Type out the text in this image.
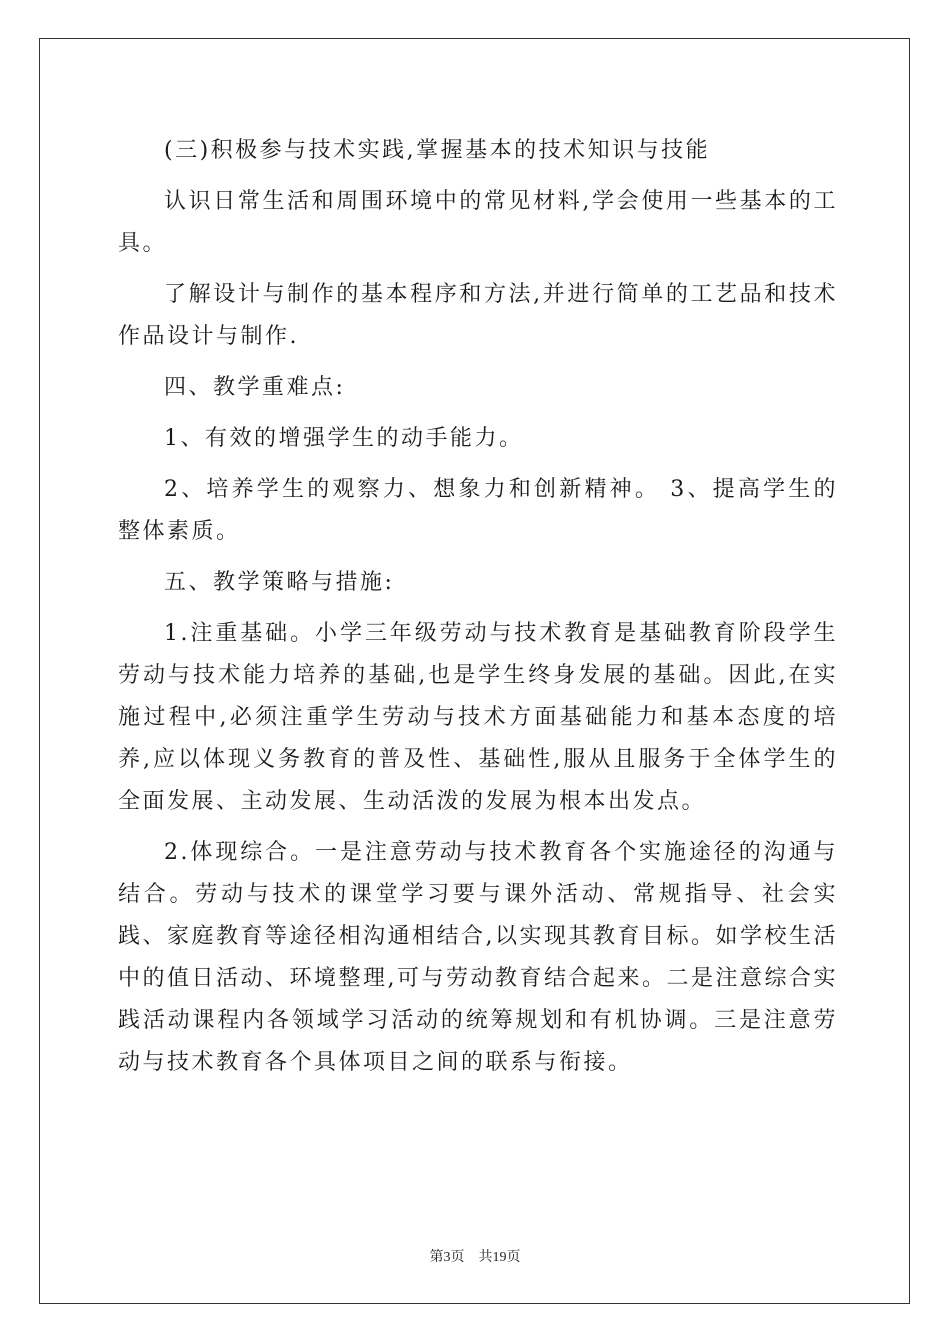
(三)积极参与技术实践,掌握基本的技术知识与技能

认识日常生活和周围环境中的常见材料,学会使用一些基本的工具。

了解设计与制作的基本程序和方法,并进行简单的工艺品和技术作品设计与制作.

四、教学重难点:

1、有效的增强学生的动手能力。

2、培养学生的观察力、想象力和创新精神。 3、提高学生的整体素质。

五、教学策略与措施:

1.注重基础。小学三年级劳动与技术教育是基础教育阶段学生劳动与技术能力培养的基础,也是学生终身发展的基础。因此,在实施过程中,必须注重学生劳动与技术方面基础能力和基本态度的培养,应以体现义务教育的普及性、基础性,服从且服务于全体学生的全面发展、主动发展、生动活泼的发展为根本出发点。

2.体现综合。一是注意劳动与技术教育各个实施途径的沟通与结合。劳动与技术的课堂学习要与课外活动、常规指导、社会实践、家庭教育等途径相沟通相结合,以实现其教育目标。如学校生活中的值日活动、环境整理,可与劳动教育结合起来。二是注意综合实践活动课程内各领域学习活动的统筹规划和有机协调。三是注意劳动与技术教育各个具体项目之间的联系与衔接。

第3页 共19页
